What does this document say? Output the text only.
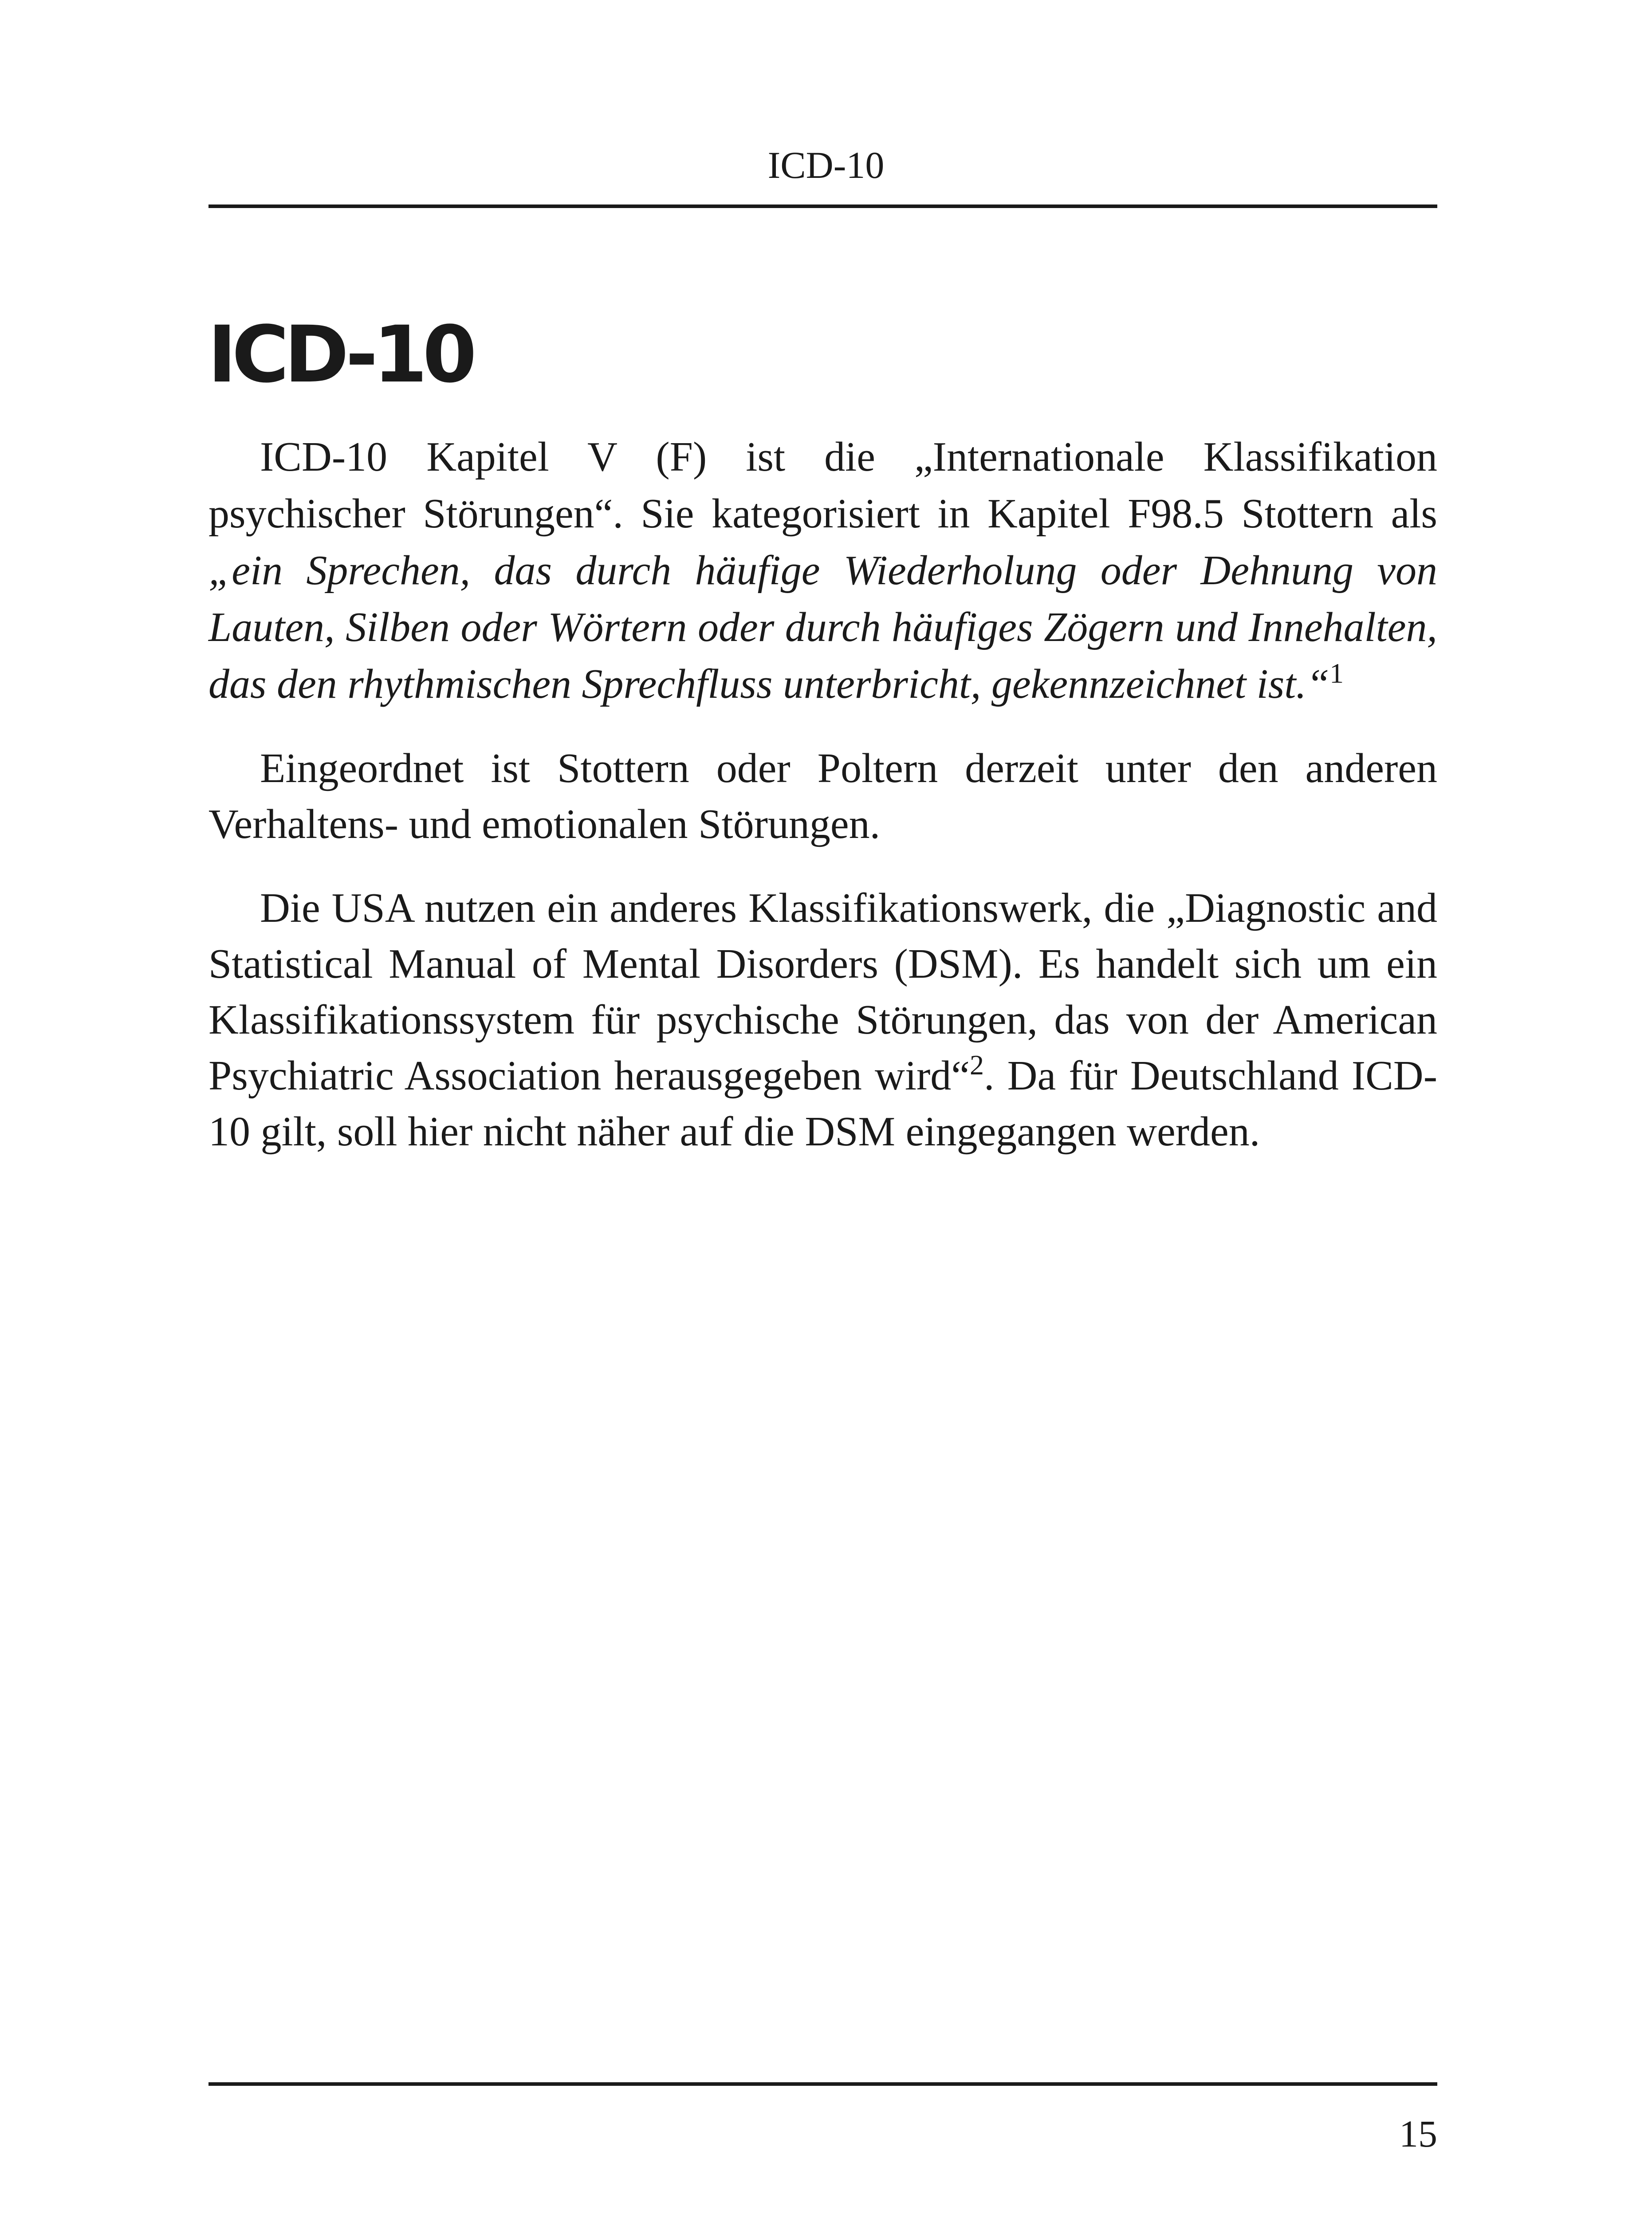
ICD-10
ICD-10

ICD-10 Kapitel V (F) ist die „Internationale Klassifikation psychischer Störungen“. Sie kategorisiert in Kapitel F98.5 Stottern als „ein Sprechen, das durch häufige Wiederholung oder Dehnung von Lauten, Silben oder Wörtern oder durch häufiges Zögern und Innehalten, das den rhythmischen Sprechfluss unterbricht, gekennzeichnet ist.“$^1$

Eingeordnet ist Stottern oder Poltern derzeit unter den anderen Verhaltens- und emotionalen Störungen.

Die USA nutzen ein anderes Klassifikationswerk, die „Diagnostic and Statistical Manual of Mental Disorders (DSM). Es handelt sich um ein Klassifikationssystem für psychische Störungen, das von der American Psychiatric Association herausgegeben wird“$^2$. Da für Deutschland ICD-10 gilt, soll hier nicht näher auf die DSM eingegangen werden.

15
